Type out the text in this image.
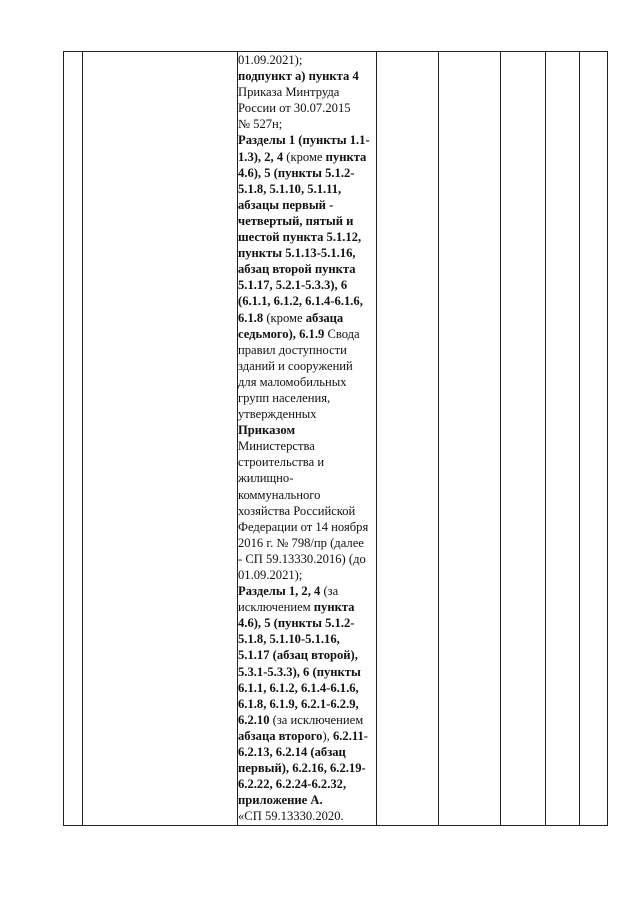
01.09.2021);
подпункт а) пункта 4
Приказа Минтруда
России от 30.07.2015
№ 527н;
Разделы 1 (пункты 1.1-
1.3), 2, 4 (кроме пункта
4.6), 5 (пункты 5.1.2-
5.1.8, 5.1.10, 5.1.11,
абзацы первый -
четвертый, пятый и
шестой пункта 5.1.12,
пункты 5.1.13-5.1.16,
абзац второй пункта
5.1.17, 5.2.1-5.3.3), 6
(6.1.1, 6.1.2, 6.1.4-6.1.6,
6.1.8 (кроме абзаца
седьмого), 6.1.9 Свода
правил доступности
зданий и сооружений
для маломобильных
групп населения,
утвержденных
Приказом
Министерства
строительства и
жилищно-
коммунального
хозяйства Российской
Федерации от 14 ноября
2016 г. № 798/пр (далее
- СП 59.13330.2016) (до
01.09.2021);
Разделы 1, 2, 4 (за
исключением пункта
4.6), 5 (пункты 5.1.2-
5.1.8, 5.1.10-5.1.16,
5.1.17 (абзац второй),
5.3.1-5.3.3), 6 (пункты
6.1.1, 6.1.2, 6.1.4-6.1.6,
6.1.8, 6.1.9, 6.2.1-6.2.9,
6.2.10 (за исключением
абзаца второго), 6.2.11-
6.2.13, 6.2.14 (абзац
первый), 6.2.16, 6.2.19-
6.2.22, 6.2.24-6.2.32,
приложение А.
«СП 59.13330.2020.
